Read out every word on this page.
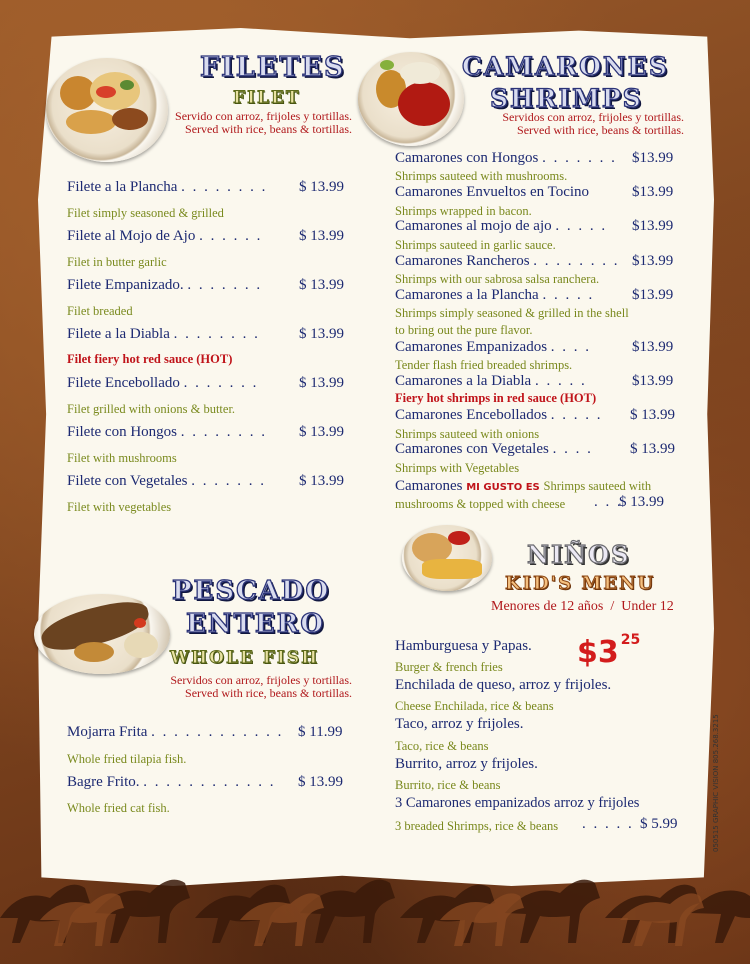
FILETES
FILET
Servido con arroz, frijoles y tortillas.
Served with rice, beans & tortillas.
Filete a la Plancha . . . . . . . . $ 13.99
Filet simply seasoned & grilled
Filete al Mojo de Ajo . . . . . . $ 13.99
Filet in butter garlic
Filete Empanizado. . . . . . . . $ 13.99
Filet breaded
Filete a la Diabla . . . . . . . .	$ 13.99
Filet fiery hot red sauce (HOT)
Filete Encebollado . . . . . . .	$ 13.99
Filet grilled with onions & butter.
Filete con Hongos . . . . . . . . $ 13.99
Filet with mushrooms
Filete con Vegetales . . . . . . . $ 13.99
Filet with vegetables
CAMARONES
SHRIMPS
Servidos con arroz, frijoles y tortillas.
Served with rice, beans & tortillas.
Camarones con Hongos . . . . . . . $13.99
Shrimps sauteed with mushrooms.
Camarones Envueltos en Tocino	$13.99
Shrimps wrapped in bacon.
Camarones al mojo de ajo . . . . . $13.99
Shrimps sauteed in garlic sauce.
Camarones Rancheros . . . . . . . . $13.99
Shrimps with our sabrosa salsa ranchera.
Camarones a la Plancha . . . . .	$13.99
Shrimps simply seasoned & grilled in the shell
to bring out the pure flavor.
Camarones Empanizados . . . .	$13.99
Tender flash fried breaded shrimps.
Camarones a la Diabla . . . . .	$13.99
Fiery hot shrimps in red sauce (HOT)
Camarones Encebollados . . . . . $ 13.99
Shrimps sauteed with onions
Camarones con Vegetales . . . . $ 13.99
Shrimps with Vegetables
Camarones MI GUSTO ES Shrimps sauteed with
mushrooms & topped with cheese . . .
$ 13.99
PESCADO
ENTERO
WHOLE FISH
Servidos con arroz, frijoles y tortillas.
Served with rice, beans & tortillas.
Mojarra Frita . . . . . . . . . . . . $ 11.99
Whole fried tilapia fish.
Bagre Frito. . . . . . . . . . . . . $ 13.99
Whole fried cat fish.
NIÑOS
KID'S MENU
Menores de 12 años  /  Under 12
$3 $^{25}$
Hamburguesa y Papas.
Burger & french fries
Enchilada de queso, arroz y frijoles.
Cheese Enchilada, rice & beans
Taco, arroz y frijoles.
Taco, rice & beans
Burrito, arroz y frijoles.
Burrito, rice & beans
3 Camarones empanizados arroz y frijoles
3 breaded Shrimps, rice & beans . . . . . $ 5.99	050515 GRAPHIC VISION 805.268.3215
